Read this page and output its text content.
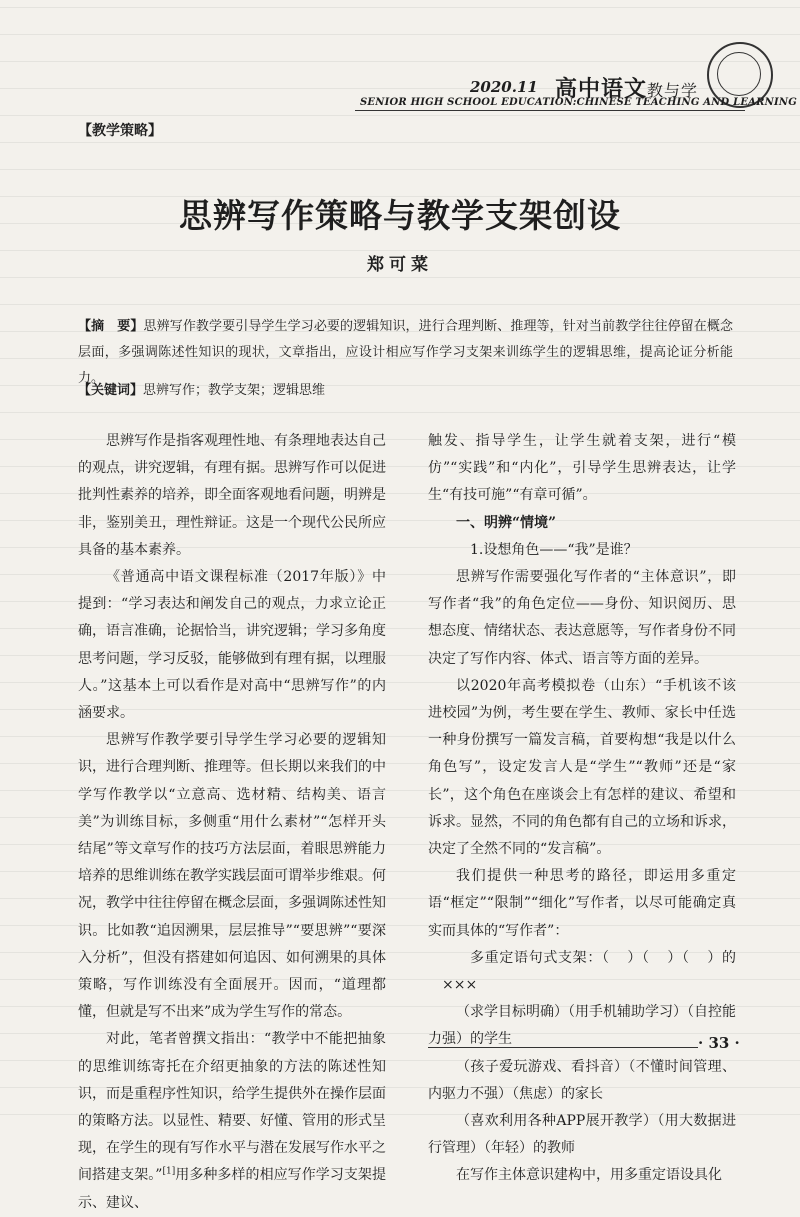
2020.11 高中语文教与学
SENIOR HIGH SCHOOL EDUCATION:CHINESE TEACHING AND LEARNING
【教学策略】
思辨写作策略与教学支架创设
郑可菜
【摘　要】思辨写作教学要引导学生学习必要的逻辑知识，进行合理判断、推理等，针对当前教学往往停留在概念层面，多强调陈述性知识的现状，文章指出，应设计相应写作学习支架来训练学生的逻辑思维，提高论证分析能力。
【关键词】思辨写作；教学支架；逻辑思维

思辨写作是指客观理性地、有条理地表达自己的观点，讲究逻辑，有理有据。思辨写作可以促进批判性素养的培养，即全面客观地看问题，明辨是非，鉴别美丑，理性辩证。这是一个现代公民所应具备的基本素养。

《普通高中语文课程标准（2017年版）》中提到：“学习表达和阐发自己的观点，力求立论正确，语言准确，论据恰当，讲究逻辑；学习多角度思考问题，学习反驳，能够做到有理有据，以理服人。”这基本上可以看作是对高中“思辨写作”的内涵要求。

思辨写作教学要引导学生学习必要的逻辑知识，进行合理判断、推理等。但长期以来我们的中学写作教学以“立意高、选材精、结构美、语言美”为训练目标，多侧重“用什么素材”“怎样开头结尾”等文章写作的技巧方法层面，着眼思辨能力培养的思维训练在教学实践层面可谓举步维艰。何况，教学中往往停留在概念层面，多强调陈述性知识。比如教“追因溯果，层层推导”“要思辨”“要深入分析”，但没有搭建如何追因、如何溯果的具体策略，写作训练没有全面展开。因而，“道理都懂，但就是写不出来”成为学生写作的常态。

对此，笔者曾撰文指出：“教学中不能把抽象的思维训练寄托在介绍更抽象的方法的陈述性知识，而是重程序性知识，给学生提供外在操作层面的策略方法。以显性、精要、好懂、管用的形式呈现，在学生的现有写作水平与潜在发展写作水平之间搭建支架。”[1]用多种多样的相应写作学习支架提示、建议、

触发、指导学生，让学生就着支架，进行“模仿”“实践”和“内化”，引导学生思辨表达，让学生“有技可施”“有章可循”。

一、明辨“情境”

1.设想角色——“我”是谁？

思辨写作需要强化写作者的“主体意识”，即写作者“我”的角色定位——身份、知识阅历、思想态度、情绪状态、表达意愿等，写作者身份不同决定了写作内容、体式、语言等方面的差异。

以2020年高考模拟卷（山东）“手机该不该进校园”为例，考生要在学生、教师、家长中任选一种身份撰写一篇发言稿，首要构想“我是以什么角色写”，设定发言人是“学生”“教师”还是“家长”，这个角色在座谈会上有怎样的建议、希望和诉求。显然，不同的角色都有自己的立场和诉求，决定了全然不同的“发言稿”。

我们提供一种思考的路径，即运用多重定语“框定”“限制”“细化”写作者，以尽可能确定真实而具体的“写作者”：

多重定语句式支架：（ ）（ ）（ ）的×××

（求学目标明确）（用手机辅助学习）（自控能力强）的学生

（孩子爱玩游戏、看抖音）（不懂时间管理、内驱力不强）（焦虑）的家长

（喜欢利用各种APP展开教学）（用大数据进行管理）（年轻）的教师

在写作主体意识建构中，用多重定语设具化

· 33 ·
